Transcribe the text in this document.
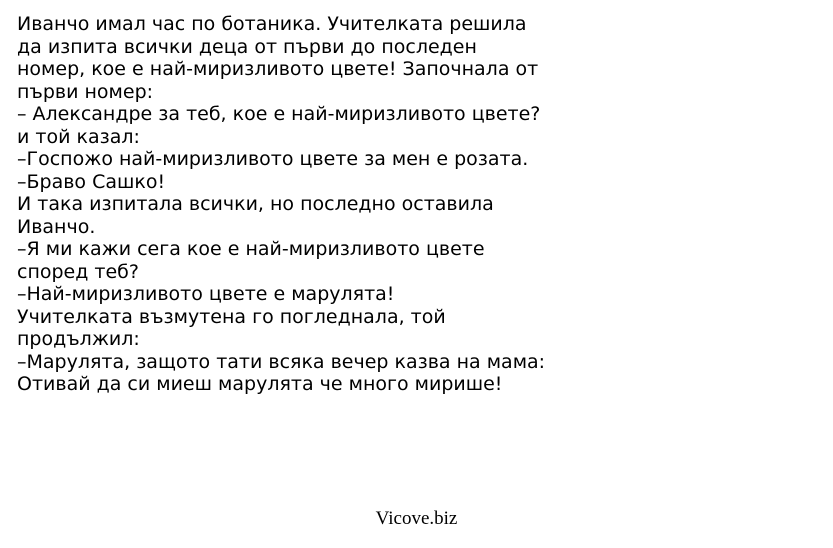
Иванчо имал час по ботаника. Учителката решила
да изпита всички деца от първи до последен
номер, кое е най-миризливото цвете! Започнала от
първи номер:
– Александре за теб, кое е най-миризливото цвете?
и той казал:
–Госпожо най-миризливото цвете за мен е розата.
–Браво Сашко!
И така изпитала всички, но последно оставила
Иванчо.
–Я ми кажи сега кое е най-миризливото цвете
според теб?
–Най-миризливото цвете е марулята!
Учителката възмутена го погледнала, той
продължил:
–Марулята, защото тати всяка вечер казва на мама:
Отивай да си миеш марулята че много мирише!
Vicove.biz
